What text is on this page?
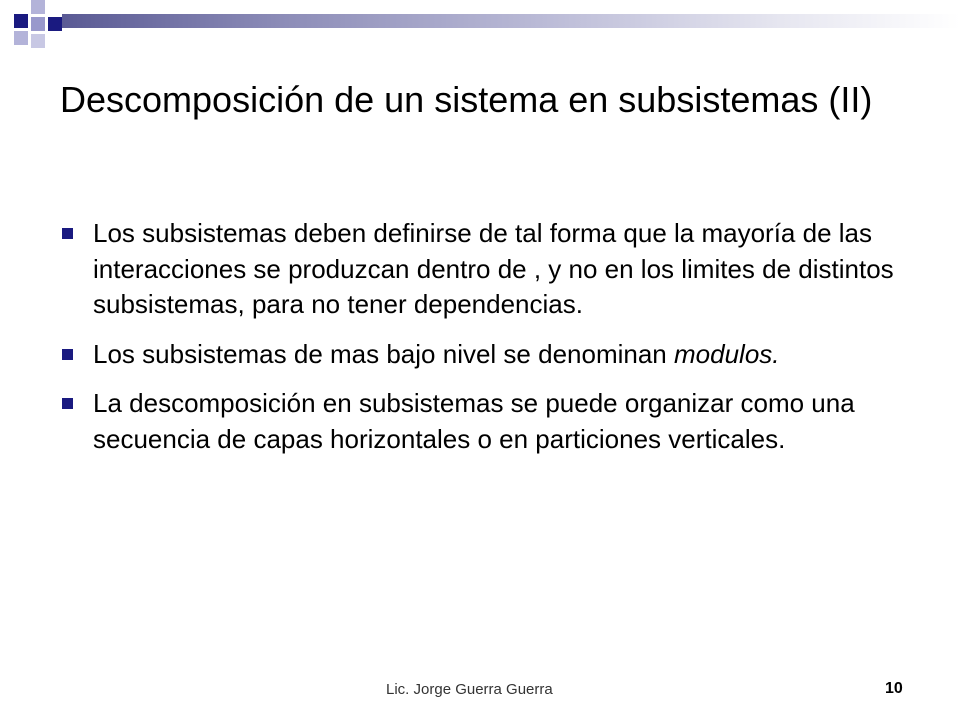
Descomposición de un sistema en subsistemas (II)
Los subsistemas deben definirse de tal forma que la mayoría de las interacciones se produzcan dentro de , y no en los limites de distintos subsistemas, para no tener dependencias.
Los subsistemas de mas bajo nivel se denominan modulos.
La descomposición en subsistemas se puede organizar como una secuencia de capas horizontales o en particiones verticales.
Lic. Jorge Guerra Guerra	10
